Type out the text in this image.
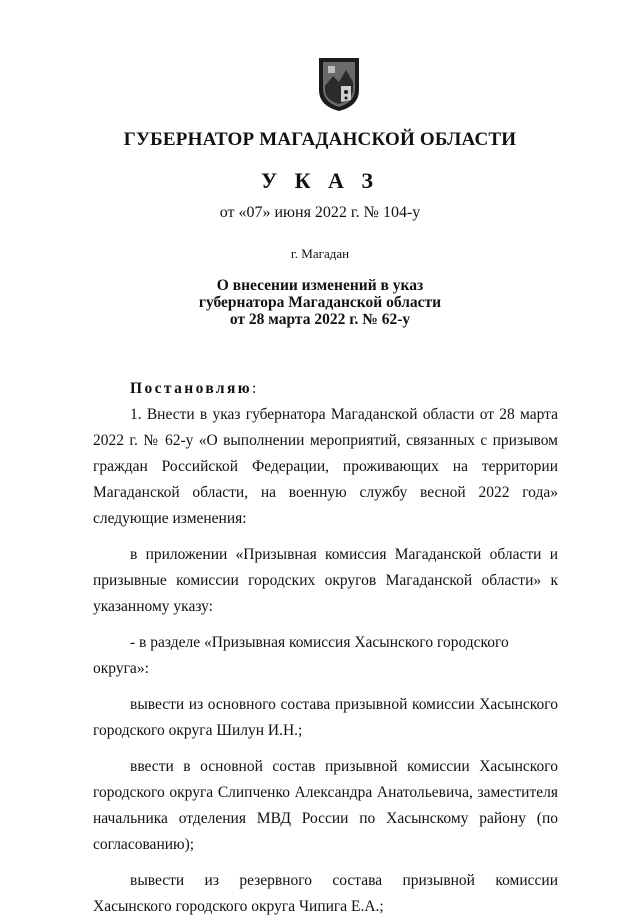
ГУБЕРНАТОР МАГАДАНСКОЙ ОБЛАСТИ
У К А З
от «07» июня 2022 г. № 104-у
г. Магадан
О внесении изменений в указ
губернатора Магаданской области
от 28 марта 2022 г. № 62-у

Постановляю:

1. Внести в указ губернатора Магаданской области от 28 марта 2022 г. № 62-у «О выполнении мероприятий, связанных с призывом граждан Российской Федерации, проживающих на территории Магаданской области, на военную службу весной 2022 года» следующие изменения:

в приложении «Призывная комиссия Магаданской области и призывные комиссии городских округов Магаданской области» к указанному указу:

- в разделе «Призывная комиссия Хасынского городского округа»:

вывести из основного состава призывной комиссии Хасынского городского округа Шилун И.Н.;

ввести в основной состав призывной комиссии Хасынского городского округа Слипченко Александра Анатольевича, заместителя начальника отделения МВД России по Хасынскому району (по согласованию);

вывести из резервного состава призывной комиссии Хасынского городского округа Чипига Е.А.;
